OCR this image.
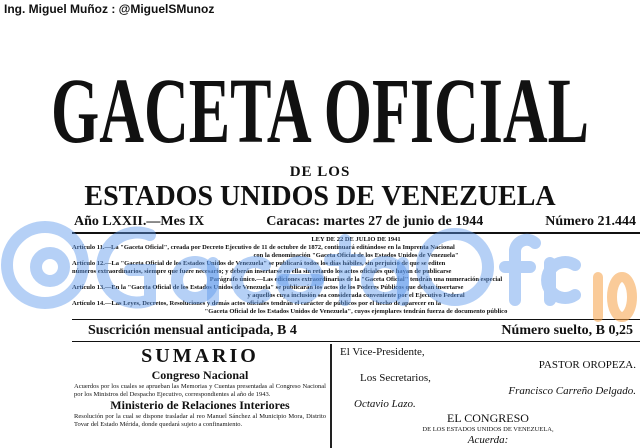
Ing. Miguel Muñoz : @MiguelSMunoz
GACETA OFICIAL
DE LOS
ESTADOS UNIDOS DE VENEZUELA
Año LXXII.—Mes IX	Caracas: martes 27 de junio de 1944	Número 21.444
LEY DE 22 DE JULIO DE 1941
Artículo 11.—La "Gaceta Oficial", creada por Decreto Ejecutivo de 11 de octubre de 1872, continuará editándose en la Imprenta Nacional
con la denominación "Gaceta Oficial de los Estados Unidos de Venezuela"
Artículo 12.—La "Gaceta Oficial de los Estados Unidos de Venezuela" se publicará todos los días hábiles, sin perjuicio de que se editen
números extraordinarios, siempre que fuere necesario; y deberán insertarse en ella sin retardo los actos oficiales que hayan de publicarse
Parágrafo único.—Las ediciones extraordinarias de la "Gaceta Oficial" tendrán una numeración especial
Artículo 13.—En la "Gaceta Oficial de los Estados Unidos de Venezuela" se publicarán los actos de los Poderes Públicos que deban insertarse
y aquellos cuya inclusión sea considerada conveniente por el Ejecutivo Federal
Artículo 14.—Las Leyes, Decretos, Resoluciones y demás actos oficiales tendrán el carácter de públicos por el hecho de aparecer en la
"Gaceta Oficial de los Estados Unidos de Venezuela", cuyos ejemplares tendrán fuerza de documento público
Suscrición mensual anticipada, B 4	Número suelto, B 0,25
SUMARIO
Congreso Nacional
Acuerdos por los cuales se aprueban las Memorias y Cuentas presentadas al Congreso Nacional por los Ministros del Despacho Ejecutivo, correspondientes al año de 1943.
Ministerio de Relaciones Interiores
Resolución por la cual se dispone trasladar al reo Manuel Sánchez al Municipio Mora, Distrito Tovar del Estado Mérida, donde quedará sujeto a confinamiento.
El Vice-Presidente,
PASTOR OROPEZA.
Los Secretarios,
Francisco Carreño Delgado.
Octavio Lazo.
EL CONGRESO
DE LOS ESTADOS UNIDOS DE VENEZUELA,
Acuerda:
